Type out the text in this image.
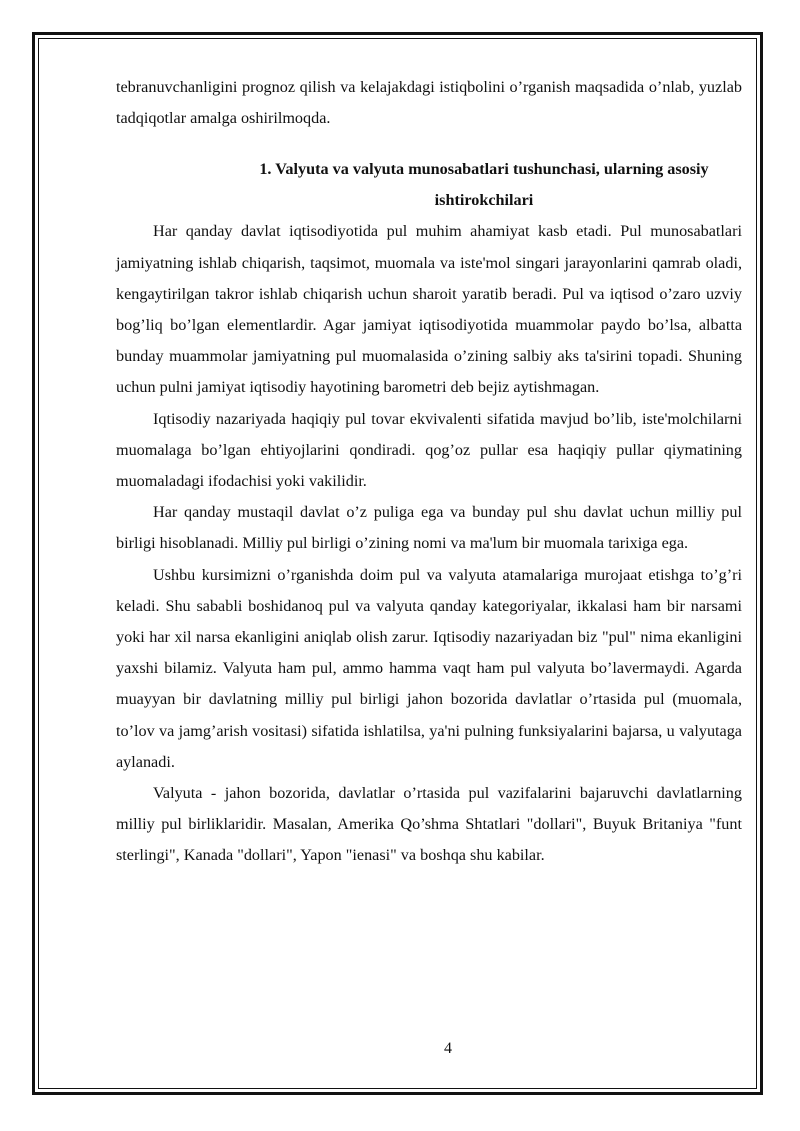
tebranuvchanligini prognoz qilish va kelajakdagi istiqbolini o’rganish maqsadida o’nlab, yuzlab tadqiqotlar amalga oshirilmoqda.

1. Valyuta va valyuta munosabatlari tushunchasi, ularning asosiy ishtirokchilari

Har qanday davlat iqtisodiyotida pul muhim ahamiyat kasb etadi. Pul munosabatlari jamiyatning ishlab chiqarish, taqsimot, muomala va iste'mol singari jarayonlarini qamrab oladi, kengaytirilgan takror ishlab chiqarish uchun sharoit yaratib beradi. Pul va iqtisod o’zaro uzviy bog’liq bo’lgan elementlardir. Agar jamiyat iqtisodiyotida muammolar paydo bo’lsa, albatta bunday muammolar jamiyatning pul muomalasida o’zining salbiy aks ta'sirini topadi. Shuning uchun pulni jamiyat iqtisodiy hayotining barometri deb bejiz aytishmagan.

Iqtisodiy nazariyada haqiqiy pul tovar ekvivalenti sifatida mavjud bo’lib, iste'molchilarni muomalaga bo’lgan ehtiyojlarini qondiradi. qog’oz pullar esa haqiqiy pullar qiymatining muomaladagi ifodachisi yoki vakilidir.

Har qanday mustaqil davlat o’z puliga ega va bunday pul shu davlat uchun milliy pul birligi hisoblanadi. Milliy pul birligi o’zining nomi va ma'lum bir muomala tarixiga ega.

Ushbu kursimizni o’rganishda doim pul va valyuta atamalariga murojaat etishga to’g’ri keladi. Shu sababli boshidanoq pul va valyuta qanday kategoriyalar, ikkalasi ham bir narsami yoki har xil narsa ekanligini aniqlab olish zarur. Iqtisodiy nazariyadan biz "pul" nima ekanligini yaxshi bilamiz. Valyuta ham pul, ammo hamma vaqt ham pul valyuta bo’lavermaydi. Agarda muayyan bir davlatning milliy pul birligi jahon bozorida davlatlar o’rtasida pul (muomala, to’lov va jamg’arish vositasi) sifatida ishlatilsa, ya'ni pulning funksiyalarini bajarsa, u valyutaga aylanadi.

Valyuta - jahon bozorida, davlatlar o’rtasida pul vazifalarini bajaruvchi davlatlarning milliy pul birliklaridir. Masalan, Amerika Qo’shma Shtatlari "dollari", Buyuk Britaniya "funt sterlingi", Kanada "dollari", Yapon "ienasi" va boshqa shu kabilar.

4
